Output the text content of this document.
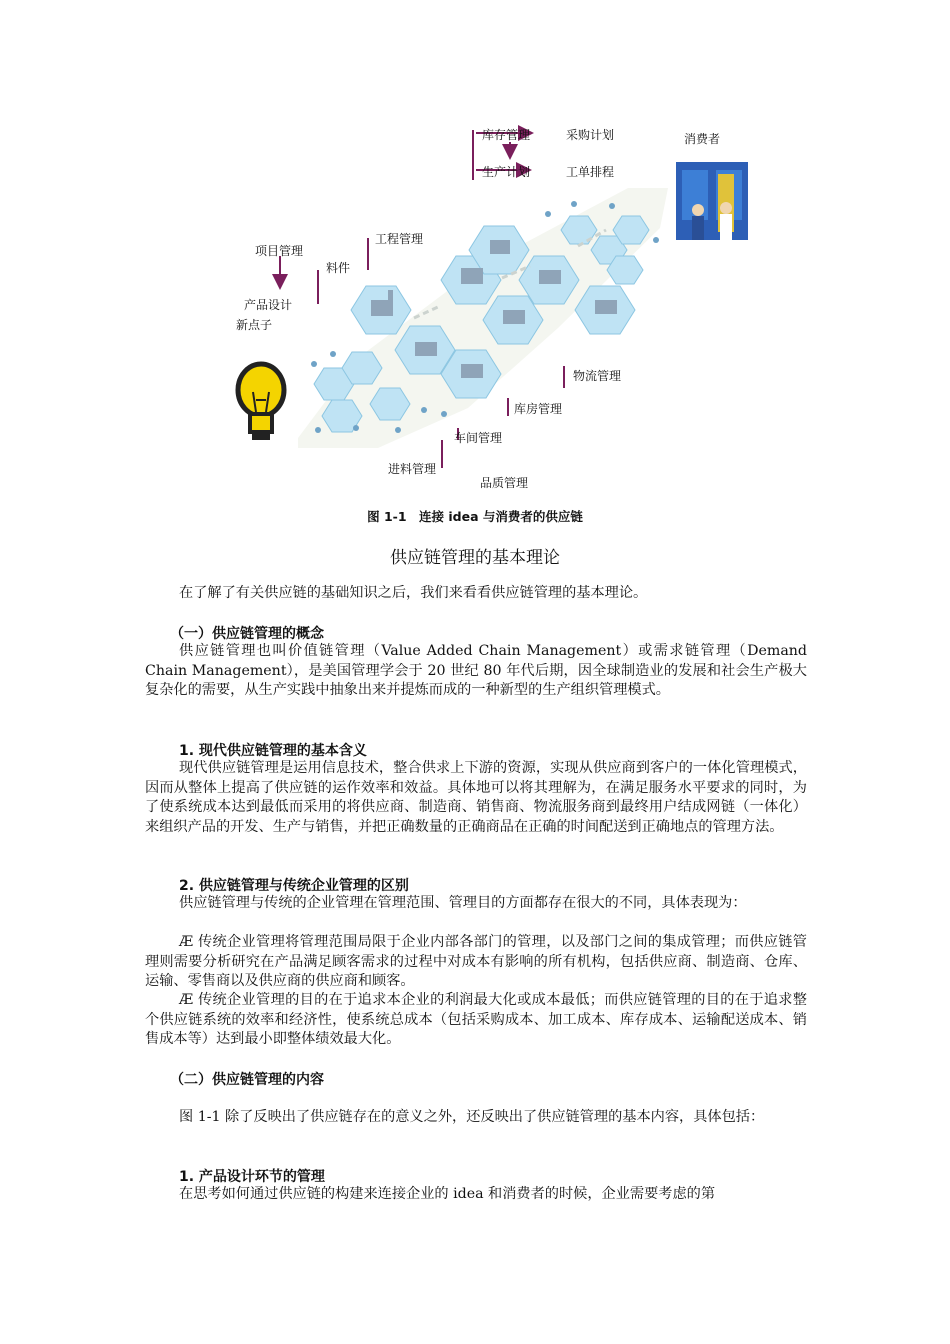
库存管理	采购计划
生产计划	工单排程
消费者
项目管理
工程管理
料件
产品设计
新点子
物流管理
库房管理
车间管理
进料管理
品质管理
图 1-1　连接 idea 与消费者的供应链
供应链管理的基本理论
在了解了有关供应链的基础知识之后，我们来看看供应链管理的基本理论。
（一）供应链管理的概念
供应链管理也叫价值链管理（Value Added Chain Management）或需求链管理（Demand Chain Management），是美国管理学会于 20 世纪 80 年代后期，因全球制造业的发展和社会生产极大复杂化的需要，从生产实践中抽象出来并提炼而成的一种新型的生产组织管理模式。
1. 现代供应链管理的基本含义
现代供应链管理是运用信息技术，整合供求上下游的资源，实现从供应商到客户的一体化管理模式，因而从整体上提高了供应链的运作效率和效益。具体地可以将其理解为，在满足服务水平要求的同时，为了使系统成本达到最低而采用的将供应商、制造商、销售商、物流服务商到最终用户结成网链（一体化）来组织产品的开发、生产与销售，并把正确数量的正确商品在正确的时间配送到正确地点的管理方法。
2. 供应链管理与传统企业管理的区别
供应链管理与传统的企业管理在管理范围、管理目的方面都存在很大的不同，具体表现为：
Æ 传统企业管理将管理范围局限于企业内部各部门的管理，以及部门之间的集成管理；而供应链管理则需要分析研究在产品满足顾客需求的过程中对成本有影响的所有机构，包括供应商、制造商、仓库、运输、零售商以及供应商的供应商和顾客。
Æ 传统企业管理的目的在于追求本企业的利润最大化或成本最低；而供应链管理的目的在于追求整个供应链系统的效率和经济性，使系统总成本（包括采购成本、加工成本、库存成本、运输配送成本、销售成本等）达到最小即整体绩效最大化。
（二）供应链管理的内容
图 1-1 除了反映出了供应链存在的意义之外，还反映出了供应链管理的基本内容，具体包括：
1. 产品设计环节的管理
在思考如何通过供应链的构建来连接企业的 idea 和消费者的时候，企业需要考虑的第
